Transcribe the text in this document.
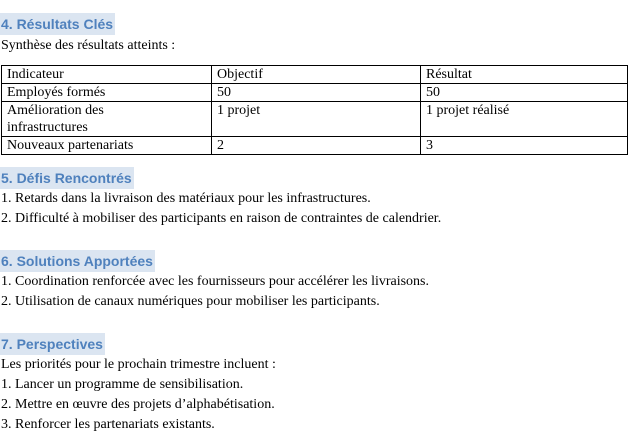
4. Résultats Clés
Synthèse des résultats atteints :
Indicateur	Objectif	Résultat
Employés formés	50	50
Amélioration des infrastructures	1 projet	1 projet réalisé
Nouveaux partenariats	2	3
5. Défis Rencontrés
1. Retards dans la livraison des matériaux pour les infrastructures.
2. Difficulté à mobiliser des participants en raison de contraintes de calendrier.
6. Solutions Apportées
1. Coordination renforcée avec les fournisseurs pour accélérer les livraisons.
2. Utilisation de canaux numériques pour mobiliser les participants.
7. Perspectives
Les priorités pour le prochain trimestre incluent :
1. Lancer un programme de sensibilisation.
2. Mettre en œuvre des projets d’alphabétisation.
3. Renforcer les partenariats existants.
